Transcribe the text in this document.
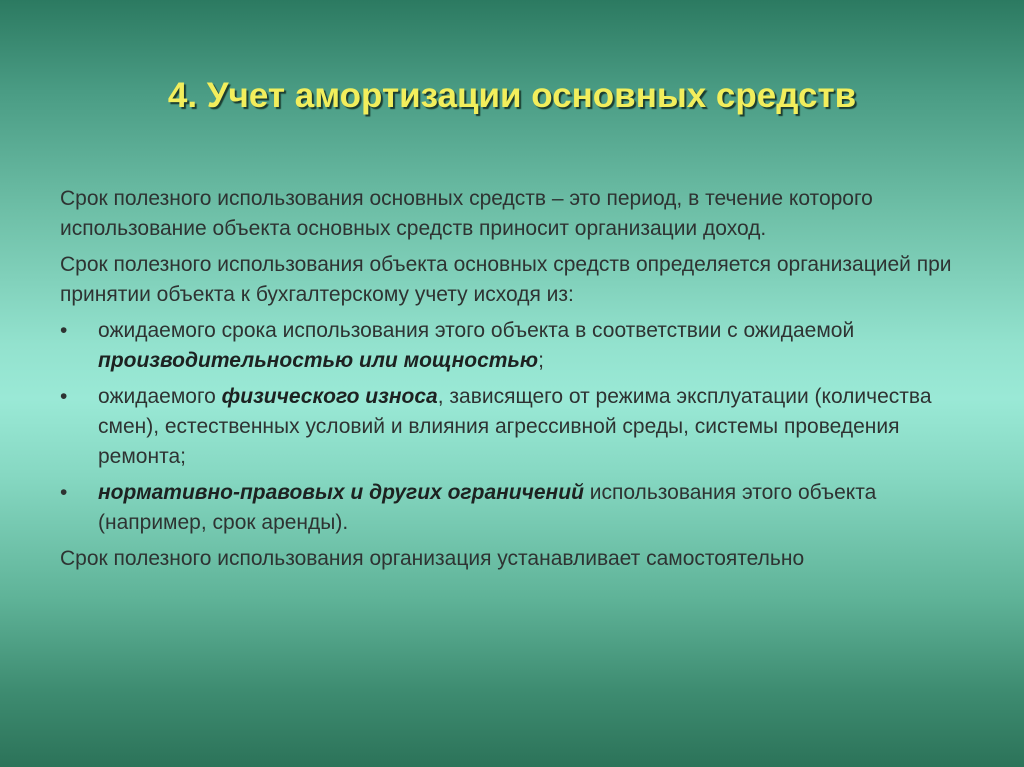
4. Учет амортизации основных средств

Срок полезного использования основных средств – это период, в течение которого использование объекта основных средств приносит организации доход.

Срок полезного использования объекта основных средств определяется организацией при принятии объекта к бухгалтерскому учету исходя из:

• ожидаемого срока использования этого объекта в соответствии с ожидаемой производительностью или мощностью;
• ожидаемого физического износа, зависящего от режима эксплуатации (количества смен), естественных условий и влияния агрессивной среды, системы проведения ремонта;
• нормативно-правовых и других ограничений использования этого объекта (например, срок аренды).

Срок полезного использования организация устанавливает самостоятельно
